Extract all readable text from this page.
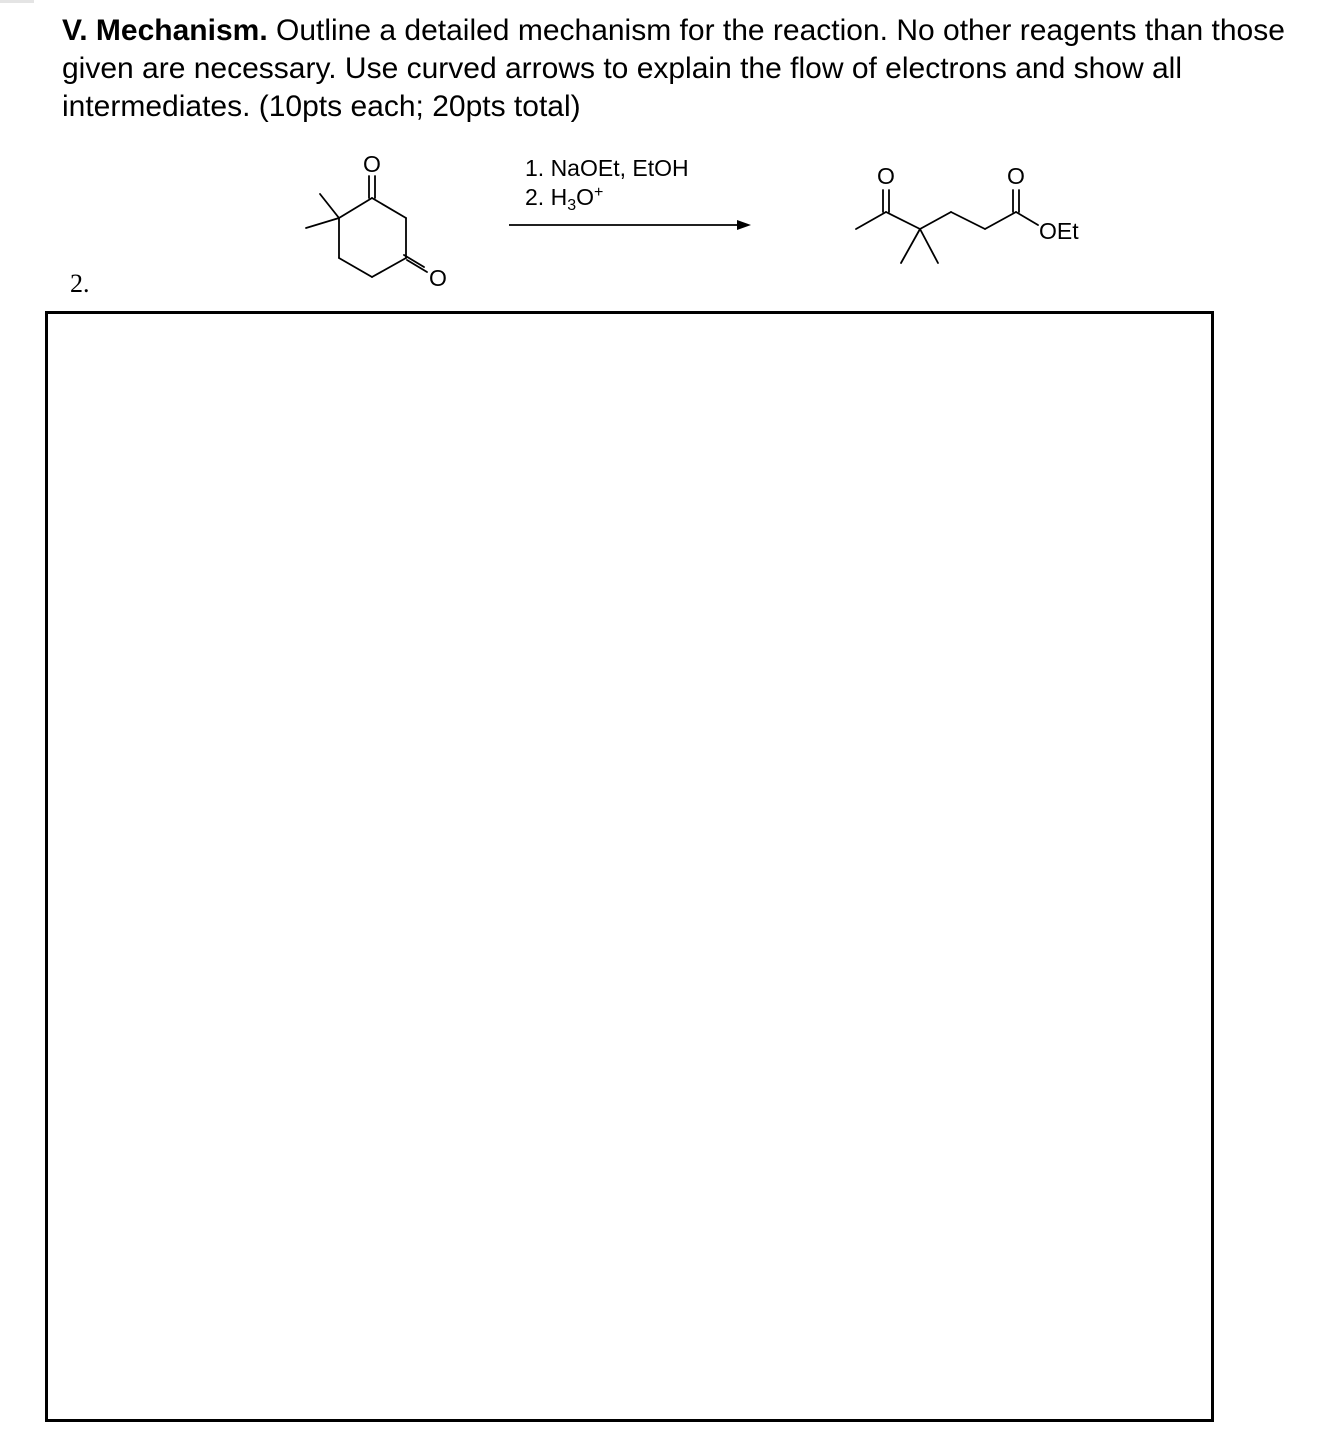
V. Mechanism. Outline a detailed mechanism for the reaction. No other reagents than those given are necessary. Use curved arrows to explain the flow of electrons and show all intermediates. (10pts each; 20pts total)
O
O
1. NaOEt, EtOH
2. $H_3O^+$
O	O
OEt
2.
